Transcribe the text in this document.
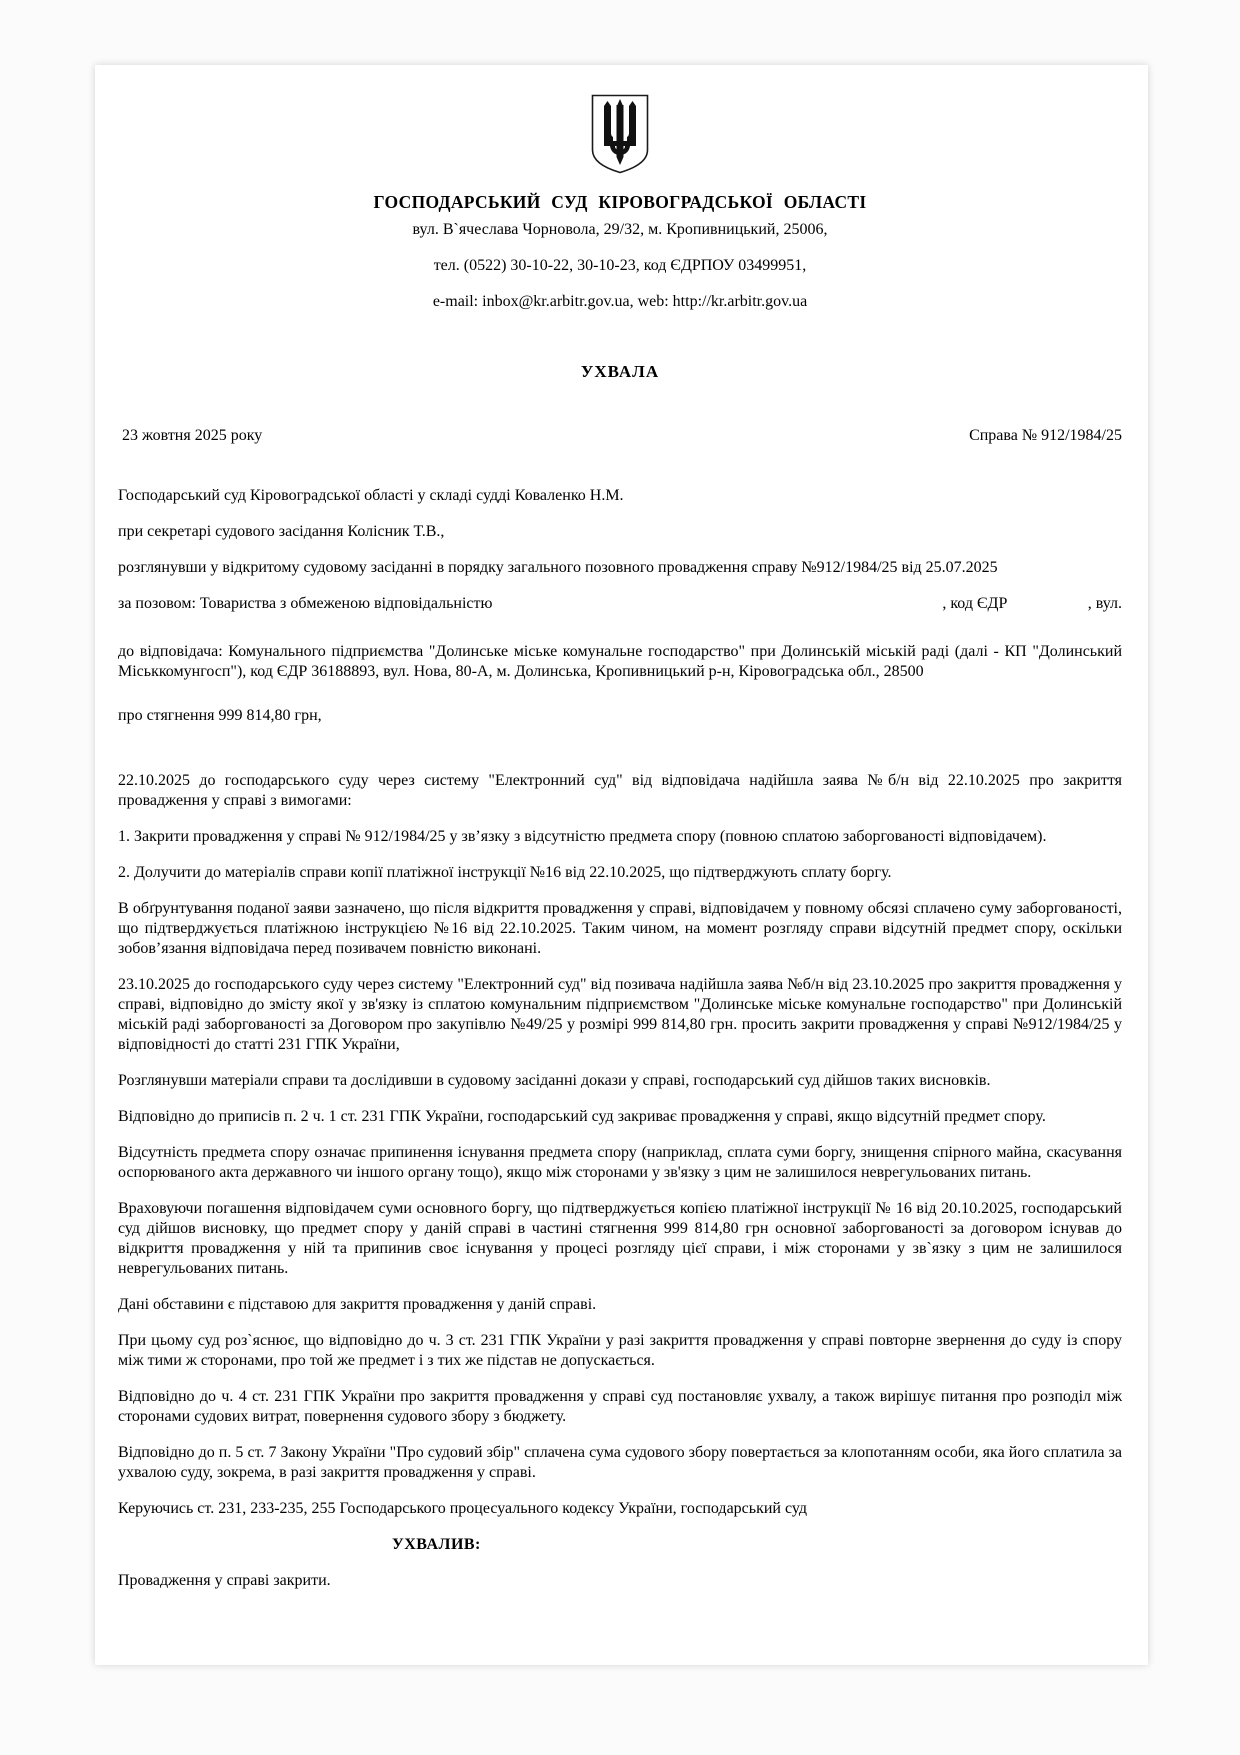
ГОСПОДАРСЬКИЙ СУД КІРОВОГРАДСЬКОЇ ОБЛАСТІ
вул. В`ячеслава Чорновола, 29/32, м. Кропивницький, 25006,
тел. (0522) 30-10-22, 30-10-23, код ЄДРПОУ 03499951,
e-mail: inbox@kr.arbitr.gov.ua, web: http://kr.arbitr.gov.ua
УХВАЛА
23 жовтня 2025 року	Справа № 912/1984/25

Господарський суд Кіровоградської області у складі судді Коваленко Н.М.

при секретарі судового засідання Колісник Т.В.,

розглянувши у відкритому судовому засіданні в порядку загального позовного провадження справу №912/1984/25 від 25.07.2025

за позовом: Товариства з обмеженою відповідальністю	, код ЄДР	, вул.

до відповідача: Комунального підприємства "Долинське міське комунальне господарство" при Долинській міській раді (далі - КП "Долинський Міськкомунгосп"), код ЄДР 36188893, вул. Нова, 80-А, м. Долинська, Кропивницький р-н, Кіровоградська обл., 28500

про стягнення 999 814,80 грн,

22.10.2025 до господарського суду через систему "Електронний суд" від відповідача надійшла заява №б/н від 22.10.2025 про закриття провадження у справі з вимогами:

1. Закрити провадження у справі № 912/1984/25 у зв’язку з відсутністю предмета спору (повною сплатою заборгованості відповідачем).

2. Долучити до матеріалів справи копії платіжної інструкції №16 від 22.10.2025, що підтверджують сплату боргу.

В обґрунтування поданої заяви зазначено, що після відкриття провадження у справі, відповідачем у повному обсязі сплачено суму заборгованості, що підтверджується платіжною інструкцією №16 від 22.10.2025. Таким чином, на момент розгляду справи відсутній предмет спору, оскільки зобов’язання відповідача перед позивачем повністю виконані.

23.10.2025 до господарського суду через систему "Електронний суд" від позивача надійшла заява №б/н від 23.10.2025 про закриття провадження у справі, відповідно до змісту якої у зв'язку із сплатою комунальним підприємством "Долинське міське комунальне господарство" при Долинській міській раді заборгованості за Договором про закупівлю №49/25 у розмірі 999 814,80 грн. просить закрити провадження у справі №912/1984/25 у відповідності до статті 231 ГПК України,

Розглянувши матеріали справи та дослідивши в судовому засіданні докази у справі, господарський суд дійшов таких висновків.

Відповідно до приписів п. 2 ч. 1 ст. 231 ГПК України, господарський суд закриває провадження у справі, якщо відсутній предмет спору.

Відсутність предмета спору означає припинення існування предмета спору (наприклад, сплата суми боргу, знищення спірного майна, скасування оспорюваного акта державного чи іншого органу тощо), якщо між сторонами у зв'язку з цим не залишилося неврегульованих питань.

Враховуючи погашення відповідачем суми основного боргу, що підтверджується копією платіжної інструкції № 16 від 20.10.2025, господарський суд дійшов висновку, що предмет спору у даній справі в частині стягнення 999 814,80 грн основної заборгованості за договором існував до відкриття провадження у ній та припинив своє існування у процесі розгляду цієї справи, і між сторонами у зв`язку з цим не залишилося неврегульованих питань.

Дані обставини є підставою для закриття провадження у даній справі.

При цьому суд роз`яснює, що відповідно до ч. 3 ст. 231 ГПК України у разі закриття провадження у справі повторне звернення до суду із спору між тими ж сторонами, про той же предмет і з тих же підстав не допускається.

Відповідно до ч. 4 ст. 231 ГПК України про закриття провадження у справі суд постановляє ухвалу, а також вирішує питання про розподіл між сторонами судових витрат, повернення судового збору з бюджету.

Відповідно до п. 5 ст. 7 Закону України "Про судовий збір" сплачена сума судового збору повертається за клопотанням особи, яка його сплатила за ухвалою суду, зокрема, в разі закриття провадження у справі.

Керуючись ст. 231, 233-235, 255 Господарського процесуального кодексу України, господарський суд

УХВАЛИВ:

Провадження у справі закрити.
